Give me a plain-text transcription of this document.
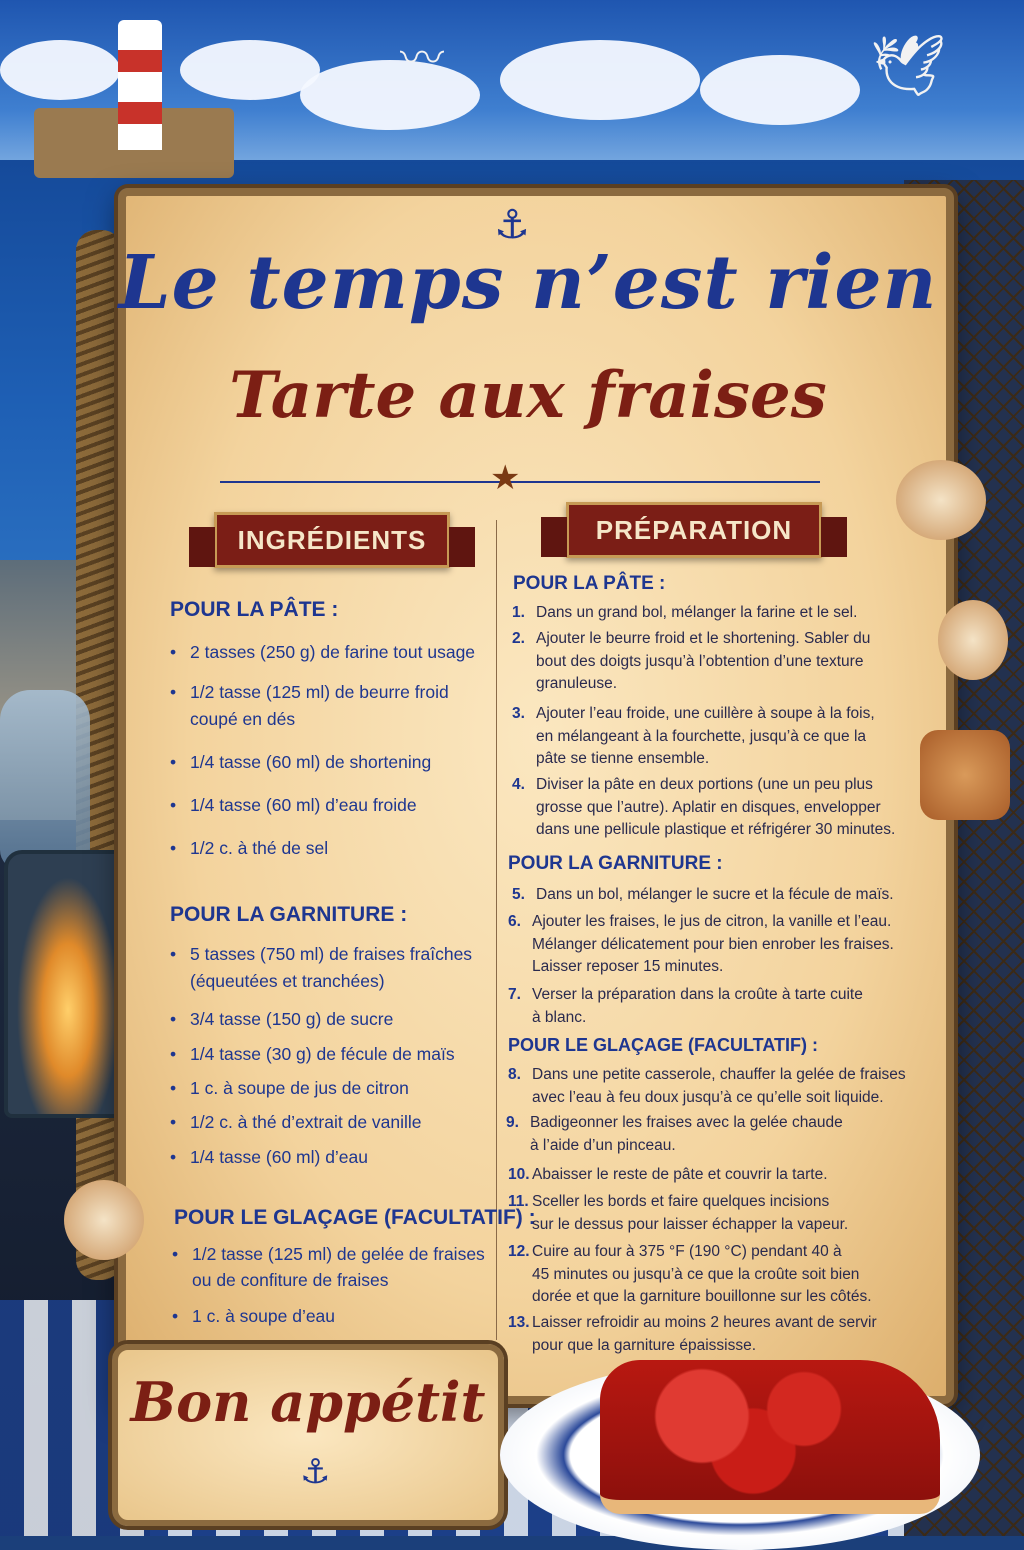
〰	🕊
⚓
Le temps n’est rien
Tarte aux fraises
★
INGRÉDIENTS	PRÉPARATION
POUR LA PÂTE :
• 2 tasses (250 g) de farine tout usage
• 1/2 tasse (125 ml) de beurre froid
coupé en dés
• 1/4 tasse (60 ml) de shortening
• 1/4 tasse (60 ml) d’eau froide
• 1/2 c. à thé de sel
POUR LA GARNITURE :
• 5 tasses (750 ml) de fraises fraîches
(équeutées et tranchées)
• 3/4 tasse (150 g) de sucre
• 1/4 tasse (30 g) de fécule de maïs
• 1 c. à soupe de jus de citron
• 1/2 c. à thé d’extrait de vanille
• 1/4 tasse (60 ml) d’eau
POUR LE GLAÇAGE (FACULTATIF) :
• 1/2 tasse (125 ml) de gelée de fraises
ou de confiture de fraises
• 1 c. à soupe d’eau
POUR LA PÂTE :
1. Dans un grand bol, mélanger la farine et le sel.
2. Ajouter le beurre froid et le shortening. Sabler du
bout des doigts jusqu’à l’obtention d’une texture
granuleuse.
3. Ajouter l’eau froide, une cuillère à soupe à la fois,
en mélangeant à la fourchette, jusqu’à ce que la
pâte se tienne ensemble.
4. Diviser la pâte en deux portions (une un peu plus
grosse que l’autre). Aplatir en disques, envelopper
dans une pellicule plastique et réfrigérer 30 minutes.
5. Dans un bol, mélanger le sucre et la fécule de maïs.
6. Ajouter les fraises, le jus de citron, la vanille et l’eau.
Mélanger délicatement pour bien enrober les fraises.
Laisser reposer 15 minutes.
7. Verser la préparation dans la croûte à tarte cuite
à blanc.
8. Dans une petite casserole, chauffer la gelée de fraises
avec l’eau à feu doux jusqu’à ce qu’elle soit liquide.
9. Badigeonner les fraises avec la gelée chaude
à l’aide d’un pinceau.
10. Abaisser le reste de pâte et couvrir la tarte.
11. Sceller les bords et faire quelques incisions
sur le dessus pour laisser échapper la vapeur.
12. Cuire au four à 375 °F (190 °C) pendant 40 à
45 minutes ou jusqu’à ce que la croûte soit bien
dorée et que la garniture bouillonne sur les côtés.
13. Laisser refroidir au moins 2 heures avant de servir
pour que la garniture épaississe.
POUR LA GARNITURE :
POUR LE GLAÇAGE (FACULTATIF) :
Bon appétit
⚓
